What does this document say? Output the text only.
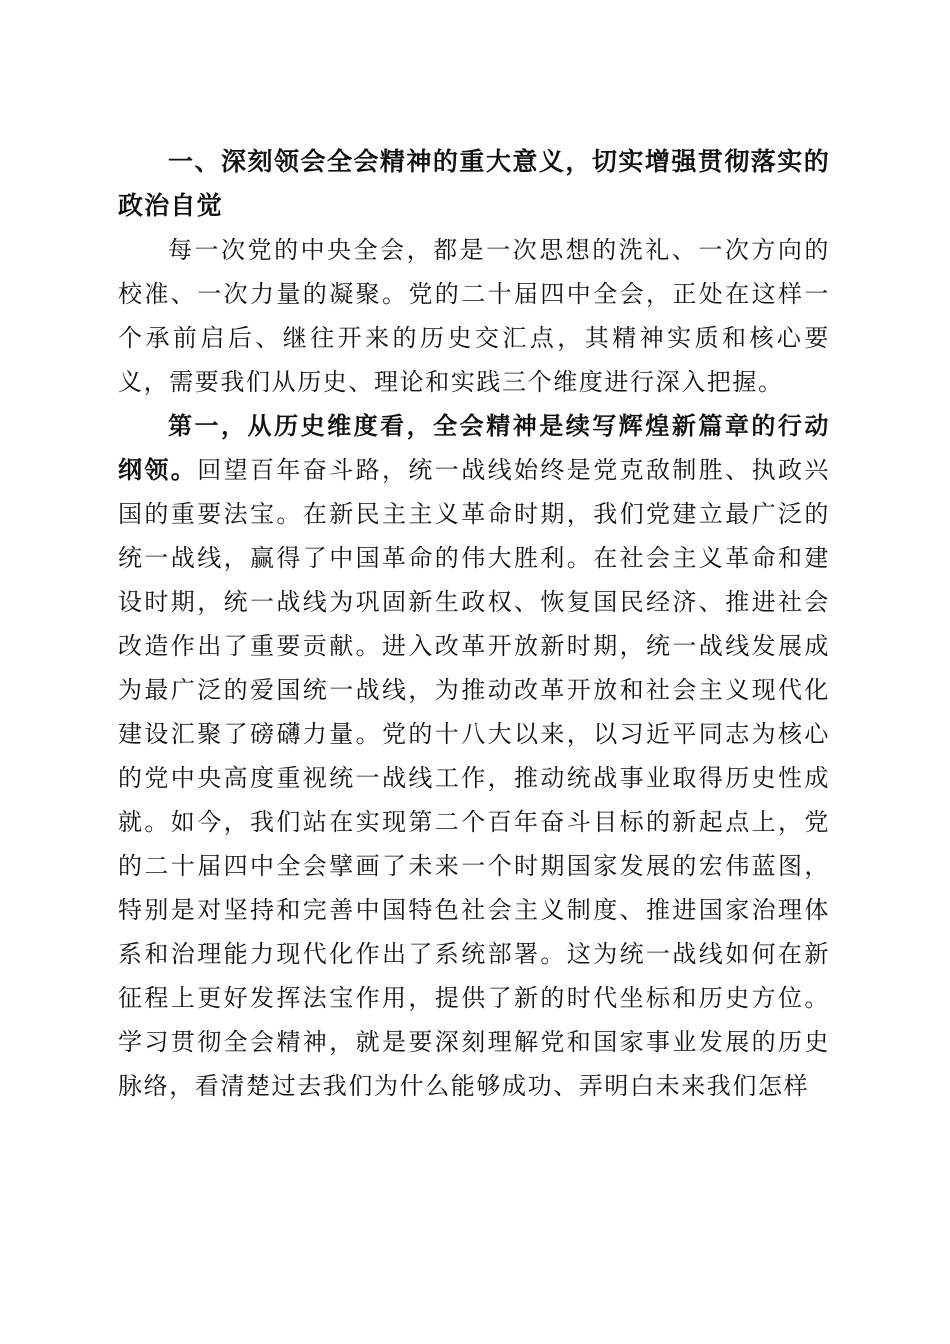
一、深刻领会全会精神的重大意义，切实增强贯彻落实的政治自觉

每一次党的中央全会，都是一次思想的洗礼、一次方向的校准、一次力量的凝聚。党的二十届四中全会，正处在这样一个承前启后、继往开来的历史交汇点，其精神实质和核心要义，需要我们从历史、理论和实践三个维度进行深入把握。

第一，从历史维度看，全会精神是续写辉煌新篇章的行动纲领。回望百年奋斗路，统一战线始终是党克敌制胜、执政兴国的重要法宝。在新民主主义革命时期，我们党建立最广泛的统一战线，赢得了中国革命的伟大胜利。在社会主义革命和建设时期，统一战线为巩固新生政权、恢复国民经济、推进社会改造作出了重要贡献。进入改革开放新时期，统一战线发展成为最广泛的爱国统一战线，为推动改革开放和社会主义现代化建设汇聚了磅礴力量。党的十八大以来，以习近平同志为核心的党中央高度重视统一战线工作，推动统战事业取得历史性成就。如今，我们站在实现第二个百年奋斗目标的新起点上，党的二十届四中全会擘画了未来一个时期国家发展的宏伟蓝图，特别是对坚持和完善中国特色社会主义制度、推进国家治理体系和治理能力现代化作出了系统部署。这为统一战线如何在新征程上更好发挥法宝作用，提供了新的时代坐标和历史方位。学习贯彻全会精神，就是要深刻理解党和国家事业发展的历史脉络，看清楚过去我们为什么能够成功、弄明白未来我们怎样
